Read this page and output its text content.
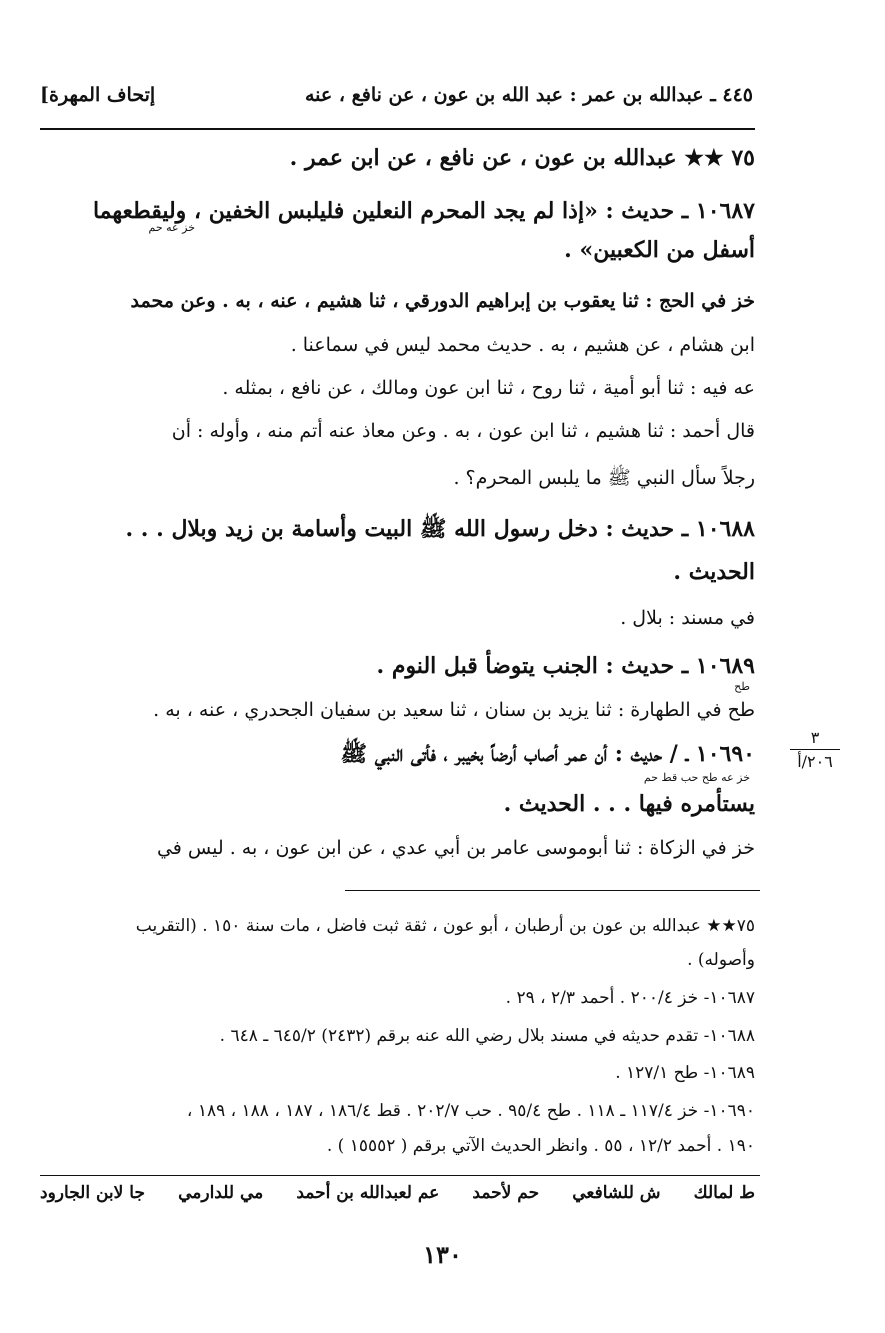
٤٤٥ ـ عبدالله بن عمر : عبد الله بن عون ، عن نافع ، عنه
[إتحاف المهرة
٧٥ ★★ عبدالله بن عون ، عن نافع ، عن ابن عمر .
١٠٦٨٧ ـ حديث : «إذا لم يجد المحرم النعلين فليلبس الخفين ، وليقطعهما
خز عه حم
أسفل من الكعبين» .
خز في الحج : ثنا يعقوب بن إبراهيم الدورقي ، ثنا هشيم ، عنه ، به . وعن محمد
ابن هشام ، عن هشيم ، به . حديث محمد ليس في سماعنا .
عه فيه : ثنا أبو أمية ، ثنا روح ، ثنا ابن عون ومالك ، عن نافع ، بمثله .
قال أحمد : ثنا هشيم ، ثنا ابن عون ، به . وعن معاذ عنه أتم منه ، وأوله : أن
رجلاً سأل النبي ﷺ ما يلبس المحرم؟ .
١٠٦٨٨ ـ حديث : دخل رسول الله ﷺ البيت وأسامة بن زيد وبلال . . .
الحديث .
في مسند : بلال .
١٠٦٨٩ ـ حديث : الجنب يتوضأ قبل النوم .
طح
طح في الطهارة : ثنا يزيد بن سنان ، ثنا سعيد بن سفيان الجحدري ، عنه ، به .
١٠٦٩٠ ـ / حديث : أن عمر أصاب أرضاً بخيبر ، فأتى النبي ﷺ
خز عه طح حب قط حم
يستأمره فيها . . . الحديث .
خز في الزكاة : ثنا أبوموسى عامر بن أبي عدي ، عن ابن عون ، به . ليس في
٣
٢٠٦/أ
٧٥★★ عبدالله بن عون بن أرطبان ، أبو عون ، ثقة ثبت فاضل ، مات سنة ١٥٠ . (التقريب
وأصوله) .
١٠٦٨٧- خز ٢٠٠/٤ . أحمد ٢/٣ ، ٢٩ .
١٠٦٨٨- تقدم حديثه في مسند بلال رضي الله عنه برقم (٢٤٣٢) ٦٤٥/٢ ـ ٦٤٨ .
١٠٦٨٩- طح ١٢٧/١ .
١٠٦٩٠- خز ١١٧/٤ ـ ١١٨ . طح ٩٥/٤ . حب ٢٠٢/٧ . قط ١٨٦/٤ ، ١٨٧ ، ١٨٨ ، ١٨٩ ،
١٩٠ . أحمد ١٢/٢ ، ٥٥ . وانظر الحديث الآتي برقم ( ١٥٥٥٢ ) .
ط لمالك
ش للشافعي
حم لأحمد
عم لعبدالله بن أحمد
مي للدارمي
جا لابن الجارود
١٣٠
